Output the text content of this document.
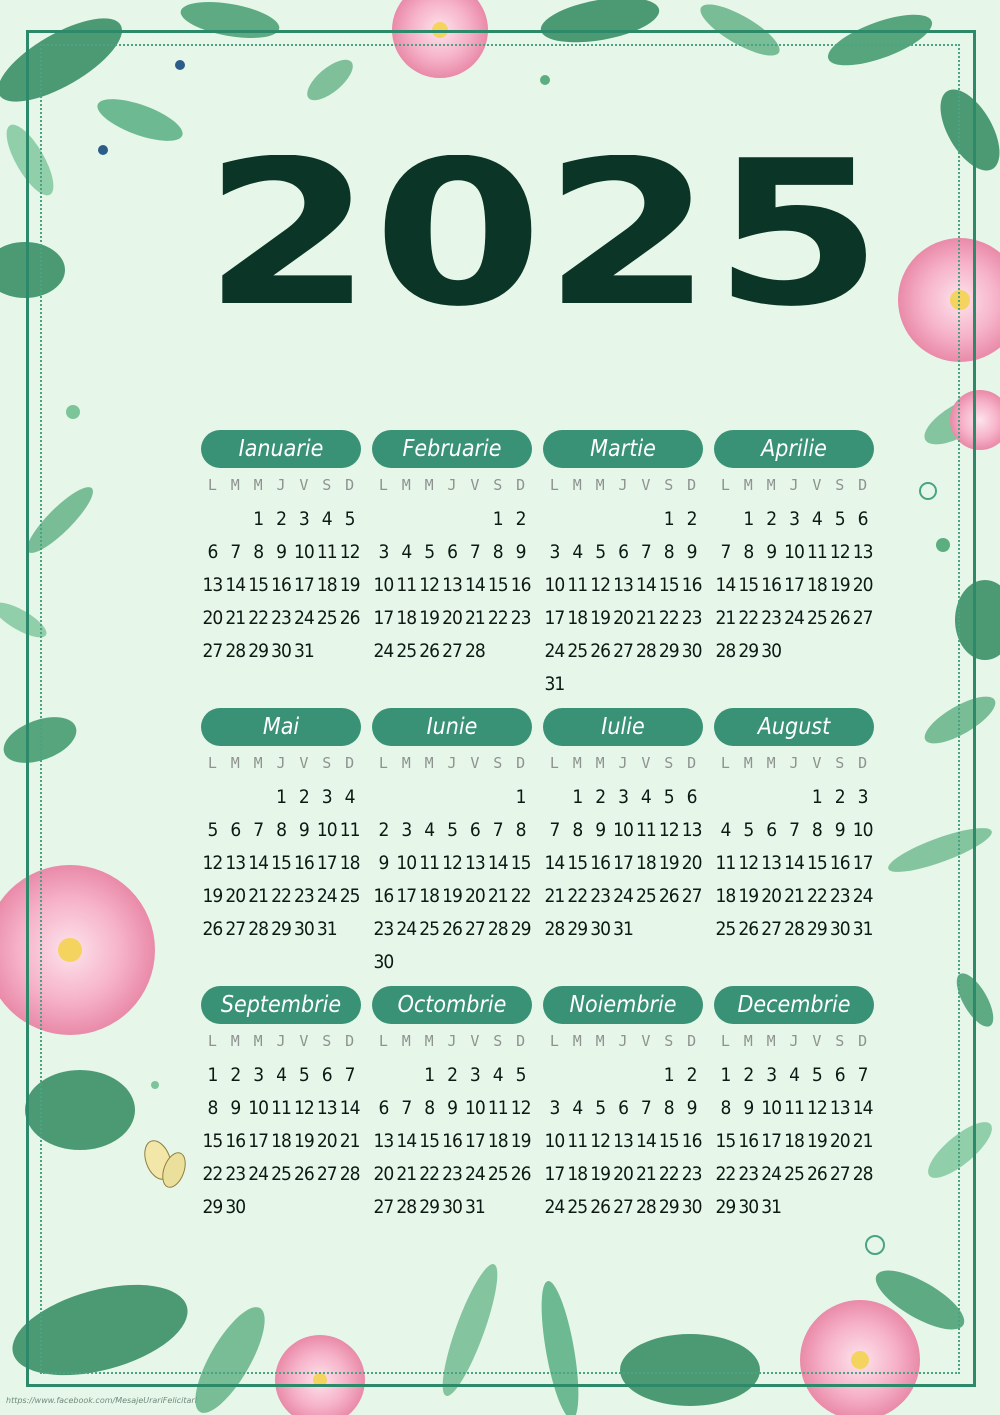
2025
Ianuarie
L M M J V S D
1 2 3 4 5
6 7 8 9 10 11 12
13 14 15 16 17 18 19
20 21 22 23 24 25 26
27 28 29 30 31
Februarie
L M M J V S D
1 2
3 4 5 6 7 8 9
10 11 12 13 14 15 16
17 18 19 20 21 22 23
24 25 26 27 28
Martie
L M M J V S D
1 2
3 4 5 6 7 8 9
10 11 12 13 14 15 16
17 18 19 20 21 22 23
24 25 26 27 28 29 30
31
Aprilie
L M M J V S D
1 2 3 4 5 6
7 8 9 10 11 12 13
14 15 16 17 18 19 20
21 22 23 24 25 26 27
28 29 30
Mai
L M M J V S D
1 2 3 4
5 6 7 8 9 10 11
12 13 14 15 16 17 18
19 20 21 22 23 24 25
26 27 28 29 30 31
Iunie
L M M J V S D
1
2 3 4 5 6 7 8
9 10 11 12 13 14 15
16 17 18 19 20 21 22
23 24 25 26 27 28 29
30
Iulie
L M M J V S D
1 2 3 4 5 6
7 8 9 10 11 12 13
14 15 16 17 18 19 20
21 22 23 24 25 26 27
28 29 30 31
August
L M M J V S D
1 2 3
4 5 6 7 8 9 10
11 12 13 14 15 16 17
18 19 20 21 22 23 24
25 26 27 28 29 30 31
Septembrie
L M M J V S D
1 2 3 4 5 6 7
8 9 10 11 12 13 14
15 16 17 18 19 20 21
22 23 24 25 26 27 28
29 30
Octombrie
L M M J V S D
1 2 3 4 5
6 7 8 9 10 11 12
13 14 15 16 17 18 19
20 21 22 23 24 25 26
27 28 29 30 31
Noiembrie
L M M J V S D
1 2
3 4 5 6 7 8 9
10 11 12 13 14 15 16
17 18 19 20 21 22 23
24 25 26 27 28 29 30
Decembrie
L M M J V S D
1 2 3 4 5 6 7
8 9 10 11 12 13 14
15 16 17 18 19 20 21
22 23 24 25 26 27 28
29 30 31
https://www.facebook.com/MesajeUrariFelicitari
